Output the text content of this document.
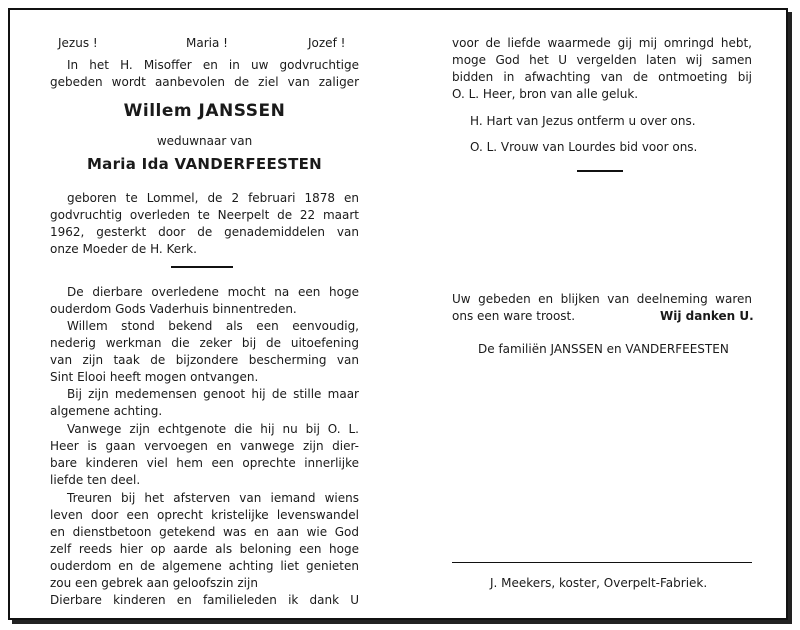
Jezus !	Maria !	Jozef !

In het H. Misoffer en in uw godvruchtige

gebeden wordt aanbevolen de ziel van zaliger

Willem JANSSEN

weduwnaar van

Maria Ida VANDERFEESTEN

geboren te Lommel, de 2 februari 1878 en

godvruchtig overleden te Neerpelt de 22 maart

1962, gesterkt door de genademiddelen van

onze Moeder de H. Kerk.

De dierbare overledene mocht na een hoge

ouderdom Gods Vaderhuis binnentreden.

Willem stond bekend als een eenvoudig,

nederig werkman die zeker bij de uitoefening

van zijn taak de bijzondere bescherming van

Sint Elooi heeft mogen ontvangen.

Bij zijn medemensen genoot hij de stille maar

algemene achting.

Vanwege zijn echtgenote die hij nu bij O. L.

Heer is gaan vervoegen en vanwege zijn dier-

bare kinderen viel hem een oprechte innerlijke

liefde ten deel.

Treuren bij het afsterven van iemand wiens

leven door een oprecht kristelijke levenswandel

en dienstbetoon getekend was en aan wie God

zelf reeds hier op aarde als beloning een hoge

ouderdom en de algemene achting liet genieten

zou een gebrek aan geloofszin zijn

Dierbare kinderen en familieleden ik dank U

voor de liefde waarmede gij mij omringd hebt,

moge God het U vergelden laten wij samen

bidden in afwachting van de ontmoeting bij

O. L. Heer, bron van alle geluk.

H. Hart van Jezus ontferm u over ons.

O. L. Vrouw van Lourdes bid voor ons.

Uw gebeden en blijken van deelneming waren

ons een ware troost.	Wij danken U.

De familiën JANSSEN en VANDERFEESTEN

J. Meekers, koster, Overpelt-Fabriek.
